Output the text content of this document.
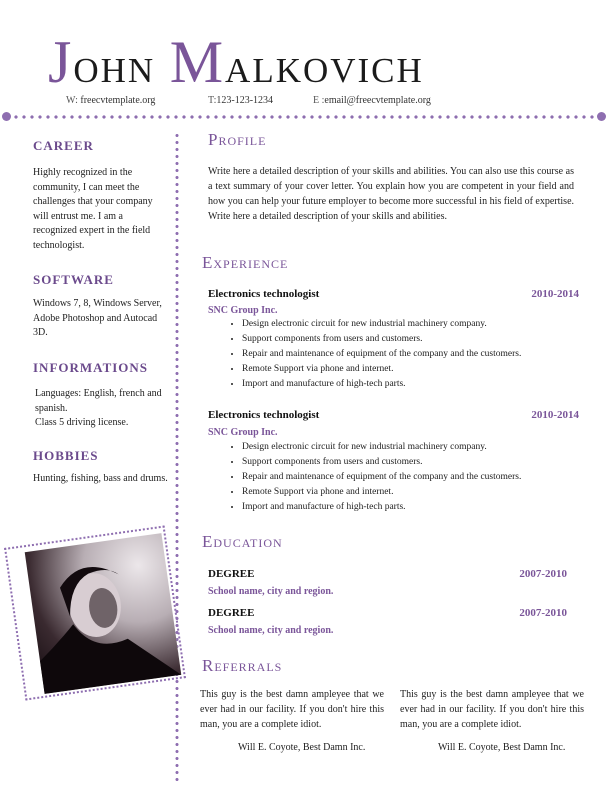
John Malkovich
W: freecvtemplate.org	T:123-123-1234	E :email@freecvtemplate.org
CAREER
Highly recognized in the community, I can meet the challenges that your company will entrust me. I am a recognized expert in the field technologist.
SOFTWARE
Windows 7, 8, Windows Server, Adobe Photoshop and Autocad 3D.
INFORMATIONS
Languages: English, french and spanish.
Class 5 driving license.
HOBBIES
Hunting, fishing, bass and drums.
Profile
Write here a detailed description of your skills and abilities. You can also use this course as a text summary of your cover letter. You explain how you are competent in your field and how you can help your future employer to become more successful in his field of expertise. Write here a detailed description of your skills and abilities.
Experience
Electronics technologist	2010-2014
SNC Group Inc.
• Design electronic circuit for new industrial machinery company.
• Support components from users and customers.
• Repair and maintenance of equipment of the company and the customers.
• Remote Support via phone and internet.
• Import and manufacture of high-tech parts.
Electronics technologist	2010-2014
SNC Group Inc.
• Design electronic circuit for new industrial machinery company.
• Support components from users and customers.
• Repair and maintenance of equipment of the company and the customers.
• Remote Support via phone and internet.
• Import and manufacture of high-tech parts.
Education
DEGREE	2007-2010
School name, city and region.
DEGREE	2007-2010
School name, city and region.
Referrals
This guy is the best damn ampleyee that we ever had in our facility. If you don't hire this man, you are a complete idiot.
Will E. Coyote, Best Damn Inc.
This guy is the best damn ampleyee that we ever had in our facility. If you don't hire this man, you are a complete idiot.
Will E. Coyote, Best Damn Inc.
